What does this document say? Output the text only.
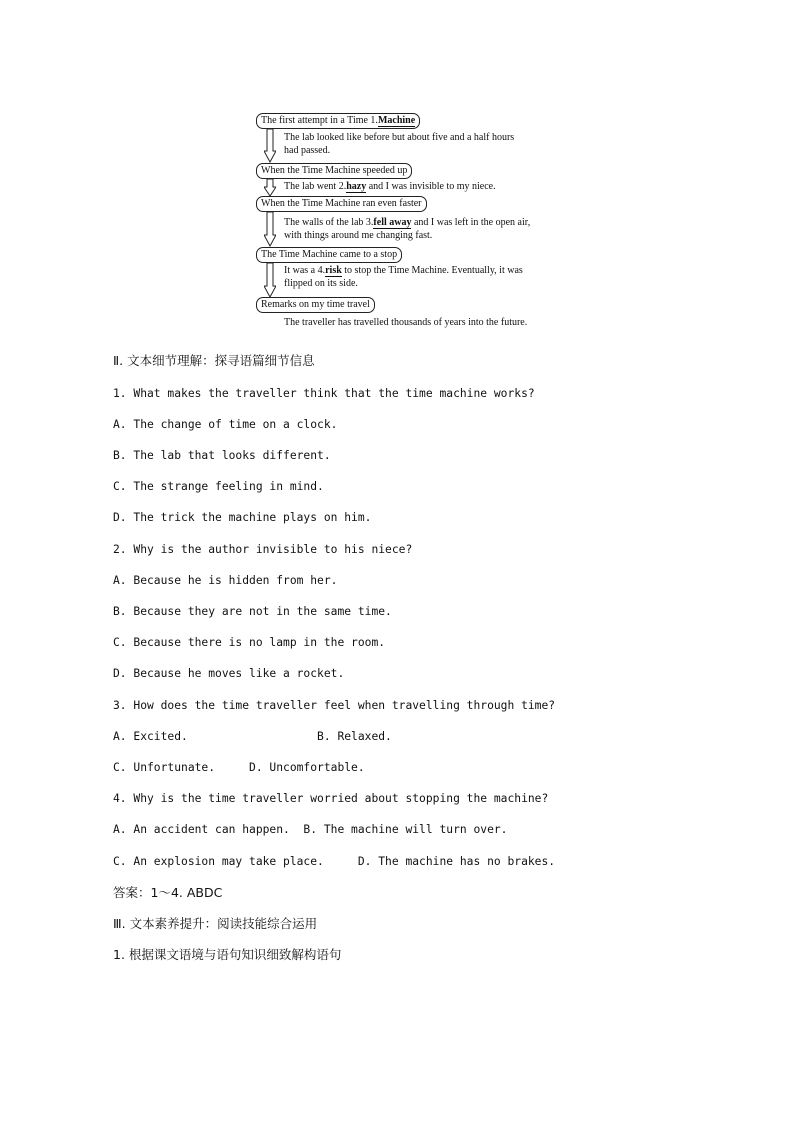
The first attempt in a Time 1.Machine
The lab looked like before but about five and a half hours
had passed.
When the Time Machine speeded up
The lab went 2.hazy and I was invisible to my niece.
When the Time Machine ran even faster
The walls of the lab 3.fell away and I was left in the open air,
with things around me changing fast.
The Time Machine came to a stop
It was a 4.risk to stop the Time Machine. Eventually, it was
flipped on its side.
Remarks on my time travel
The traveller has travelled thousands of years into the future.
Ⅱ. 文本细节理解：探寻语篇细节信息
1. What makes the traveller think that the time machine works?
A. The change of time on a clock.
B. The lab that looks different.
C. The strange feeling in mind.
D. The trick the machine plays on him.
2. Why is the author invisible to his niece?
A. Because he is hidden from her.
B. Because they are not in the same time.
C. Because there is no lamp in the room.
D. Because he moves like a rocket.
3. How does the time traveller feel when travelling through time?
A. Excited.                   B. Relaxed.
C. Unfortunate.     D. Uncomfortable.
4. Why is the time traveller worried about stopping the machine?
A. An accident can happen.  B. The machine will turn over.
C. An explosion may take place.     D. The machine has no brakes.
答案：1～4. ABDC
Ⅲ. 文本素养提升：阅读技能综合运用
1. 根据课文语境与语句知识细致解构语句
